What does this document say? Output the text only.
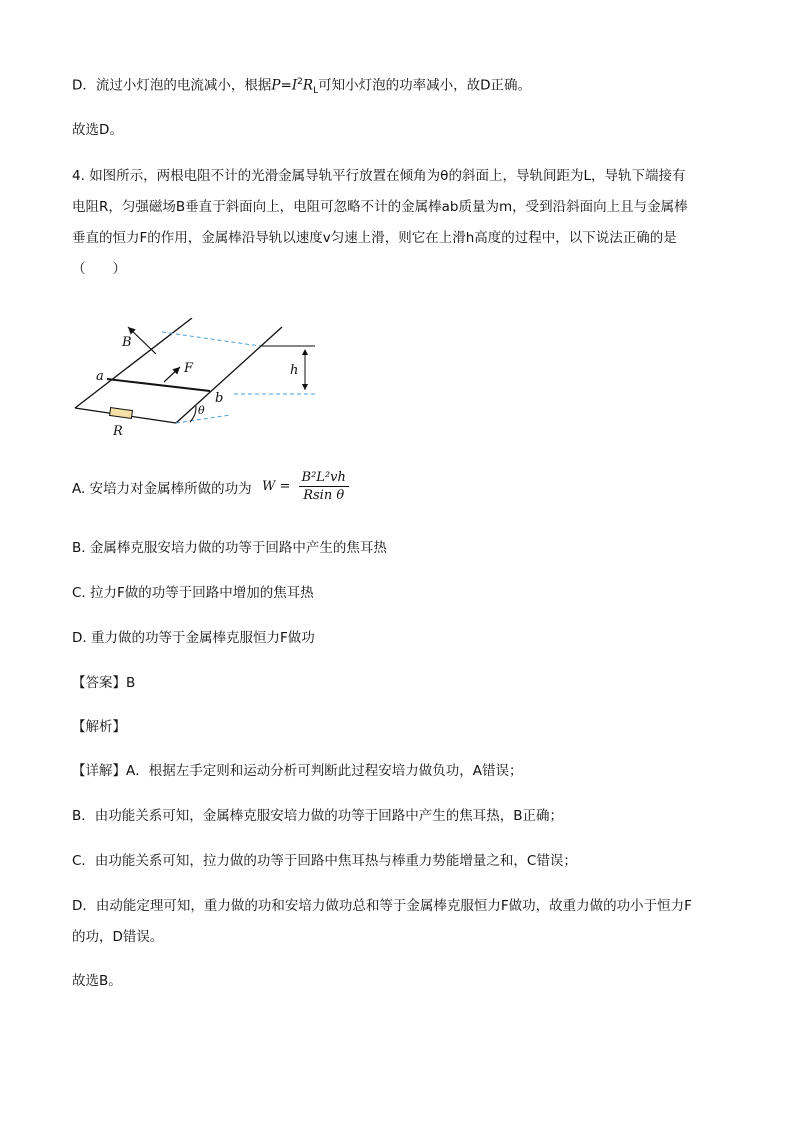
D．流过小灯泡的电流减小，根据$P=I^2R_L$可知小灯泡的功率减小，故D正确。
故选D。
4. 如图所示，两根电阻不计的光滑金属导轨平行放置在倾角为θ的斜面上，导轨间距为L，导轨下端接有
电阻R，匀强磁场B垂直于斜面向上，电阻可忽略不计的金属棒ab质量为m，受到沿斜面向上且与金属棒
垂直的恒力F的作用，金属棒沿导轨以速度v匀速上滑，则它在上滑h高度的过程中，以下说法正确的是
（　　）
B
F
a
b
h
θ
R
A. 安培力对金属棒所做的功为 $W = \frac{\text{B²L²vh}}{\text{Rsin θ}}$
B. 金属棒克服安培力做的功等于回路中产生的焦耳热
C. 拉力F做的功等于回路中增加的焦耳热
D. 重力做的功等于金属棒克服恒力F做功
【答案】B
【解析】
【详解】A．根据左手定则和运动分析可判断此过程安培力做负功，A错误；
B．由功能关系可知，金属棒克服安培力做的功等于回路中产生的焦耳热，B正确；
C．由功能关系可知，拉力做的功等于回路中焦耳热与棒重力势能增量之和，C错误；
D．由动能定理可知，重力做的功和安培力做功总和等于金属棒克服恒力F做功，故重力做的功小于恒力F
的功，D错误。
故选B。
